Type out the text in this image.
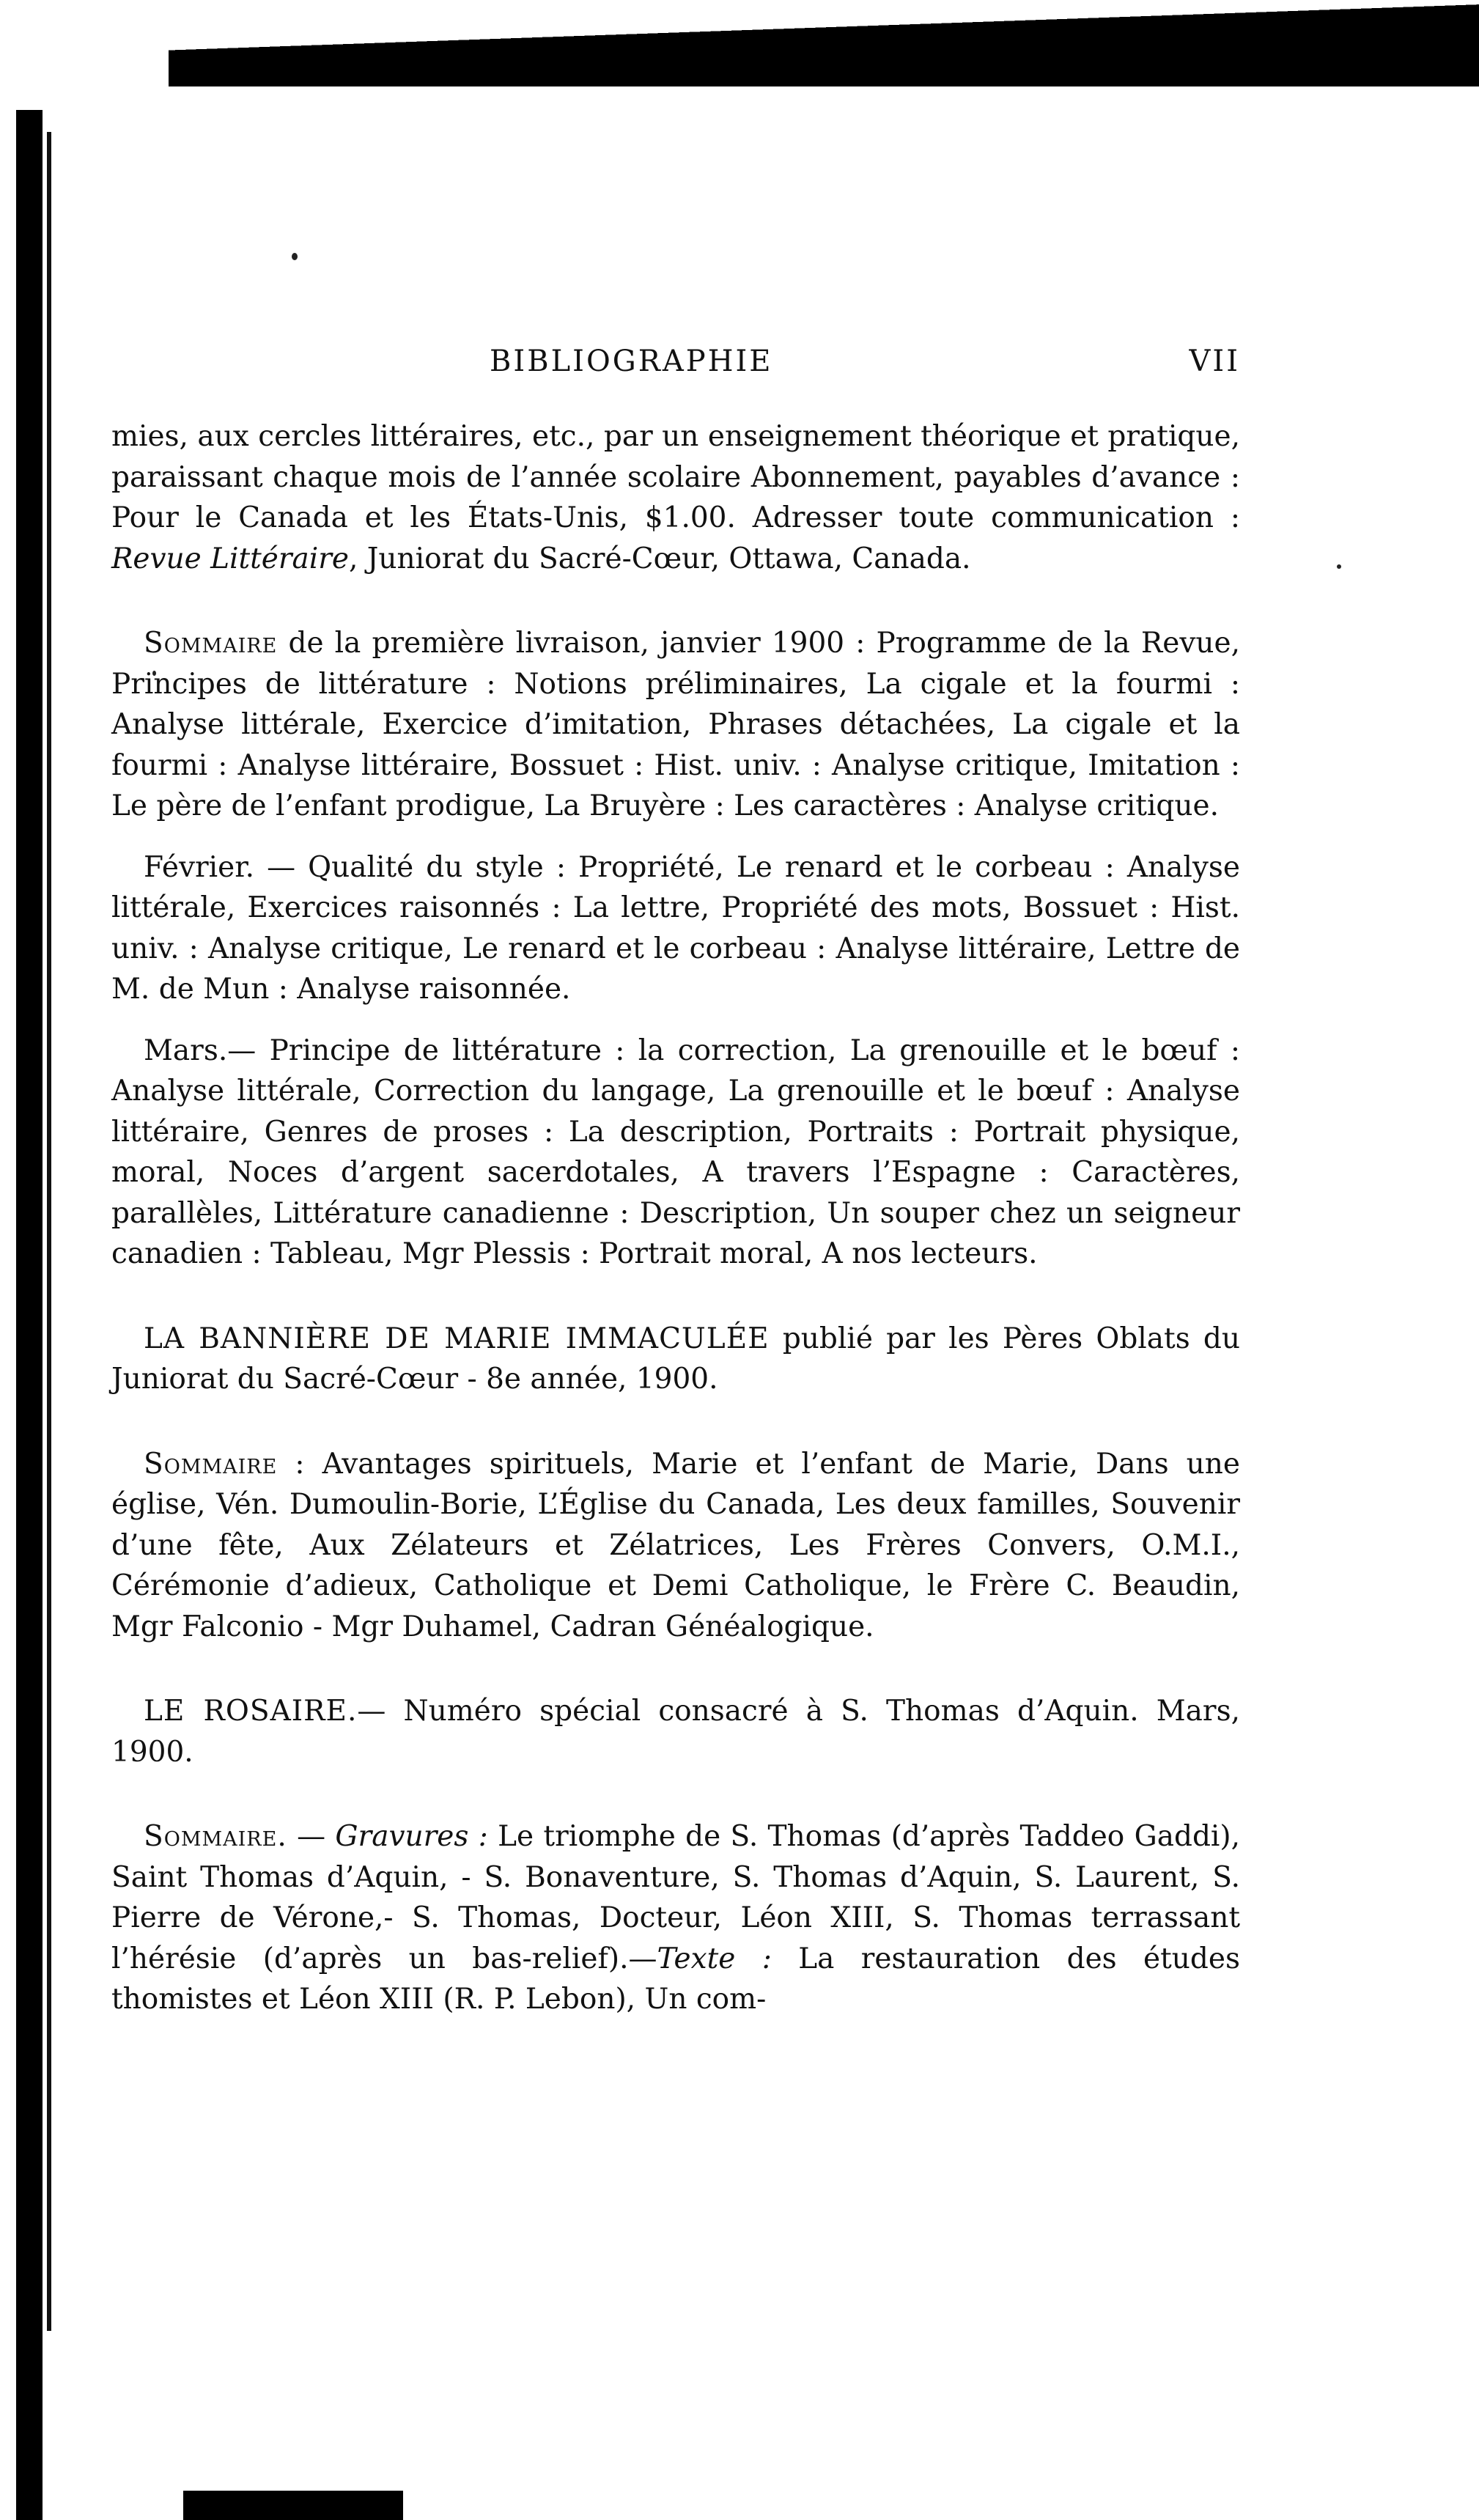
BIBLIOGRAPHIE	VII

mies, aux cercles littéraires, etc., par un enseignement théorique et pratique, paraissant chaque mois de l’année scolaire Abonnement, payables d’avance : Pour le Canada et les États-Unis, $1.00. Adresser toute communication : Revue Littéraire, Juniorat du Sacré-Cœur, Ottawa, Canada.

Sommaire de la première livraison, janvier 1900 : Programme de la Revue, Principes de littérature : Notions préliminaires, La cigale et la fourmi : Analyse littérale, Exercice d’imitation, Phrases détachées, La cigale et la fourmi : Analyse littéraire, Bossuet : Hist. univ. : Analyse critique, Imitation : Le père de l’enfant prodigue, La Bruyère : Les caractères : Analyse critique.

Février. — Qualité du style : Propriété, Le renard et le corbeau : Analyse littérale, Exercices raisonnés : La lettre, Propriété des mots, Bossuet : Hist. univ. : Analyse critique, Le renard et le corbeau : Analyse littéraire, Lettre de M. de Mun : Analyse raisonnée.

Mars.— Principe de littérature : la correction, La grenouille et le bœuf : Analyse littérale, Correction du langage, La grenouille et le bœuf : Analyse littéraire, Genres de proses : La description, Portraits : Portrait physique, moral, Noces d’argent sacerdotales, A travers l’Espagne : Caractères, parallèles, Littérature canadienne : Description, Un souper chez un seigneur canadien : Tableau, Mgr Plessis : Portrait moral, A nos lecteurs.

LA BANNIÈRE DE MARIE IMMACULÉE publié par les Pères Oblats du Juniorat du Sacré-Cœur - 8e année, 1900.

Sommaire : Avantages spirituels, Marie et l’enfant de Marie, Dans une église, Vén. Dumoulin-Borie, L’Église du Canada, Les deux familles, Souvenir d’une fête, Aux Zélateurs et Zélatrices, Les Frères Convers, O.M.I., Cérémonie d’adieux, Catholique et Demi Catholique, le Frère C. Beaudin, Mgr Falconio - Mgr Duhamel, Cadran Généalogique.

LE ROSAIRE.— Numéro spécial consacré à S. Thomas d’Aquin. Mars, 1900.

Sommaire. — Gravures : Le triomphe de S. Thomas (d’après Taddeo Gaddi), Saint Thomas d’Aquin, - S. Bonaventure, S. Thomas d’Aquin, S. Laurent, S. Pierre de Vérone,- S. Thomas, Docteur, Léon XIII, S. Thomas terrassant l’hérésie (d’après un bas-relief).—Texte : La restauration des études thomistes et Léon XIII (R. P. Lebon), Un com-
